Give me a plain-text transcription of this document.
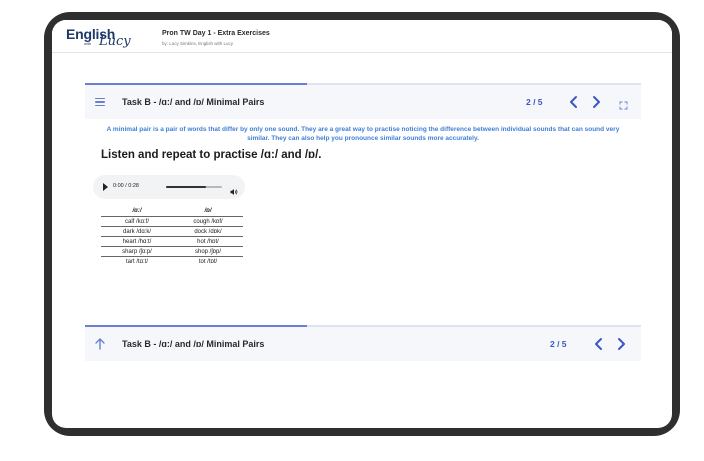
English
with Lucy
Pron TW Day 1 - Extra Exercises
by: Lucy Simkins, English with Lucy
Task B - /ɑ:/ and /ɒ/ Minimal Pairs	2 / 5
A minimal pair is a pair of words that differ by only one sound. They are a great way to practise noticing the difference between individual sounds that can sound very similar. They can also help you pronounce similar sounds more accurately.
Listen and repeat to practise /ɑ:/ and /ɒ/.
0:00 / 0:28
/ɑ:/	/ɒ/
calf /kɑ:f/	cough /kɒf/
dark /dɑ:k/	dock /dɒk/
heart /hɑ:t/	hot /hɒt/
sharp /ʃɑ:p/	shop /ʃɒp/
tart /tɑ:t/	tot /tɒt/
Task B - /ɑ:/ and /ɒ/ Minimal Pairs	2 / 5
